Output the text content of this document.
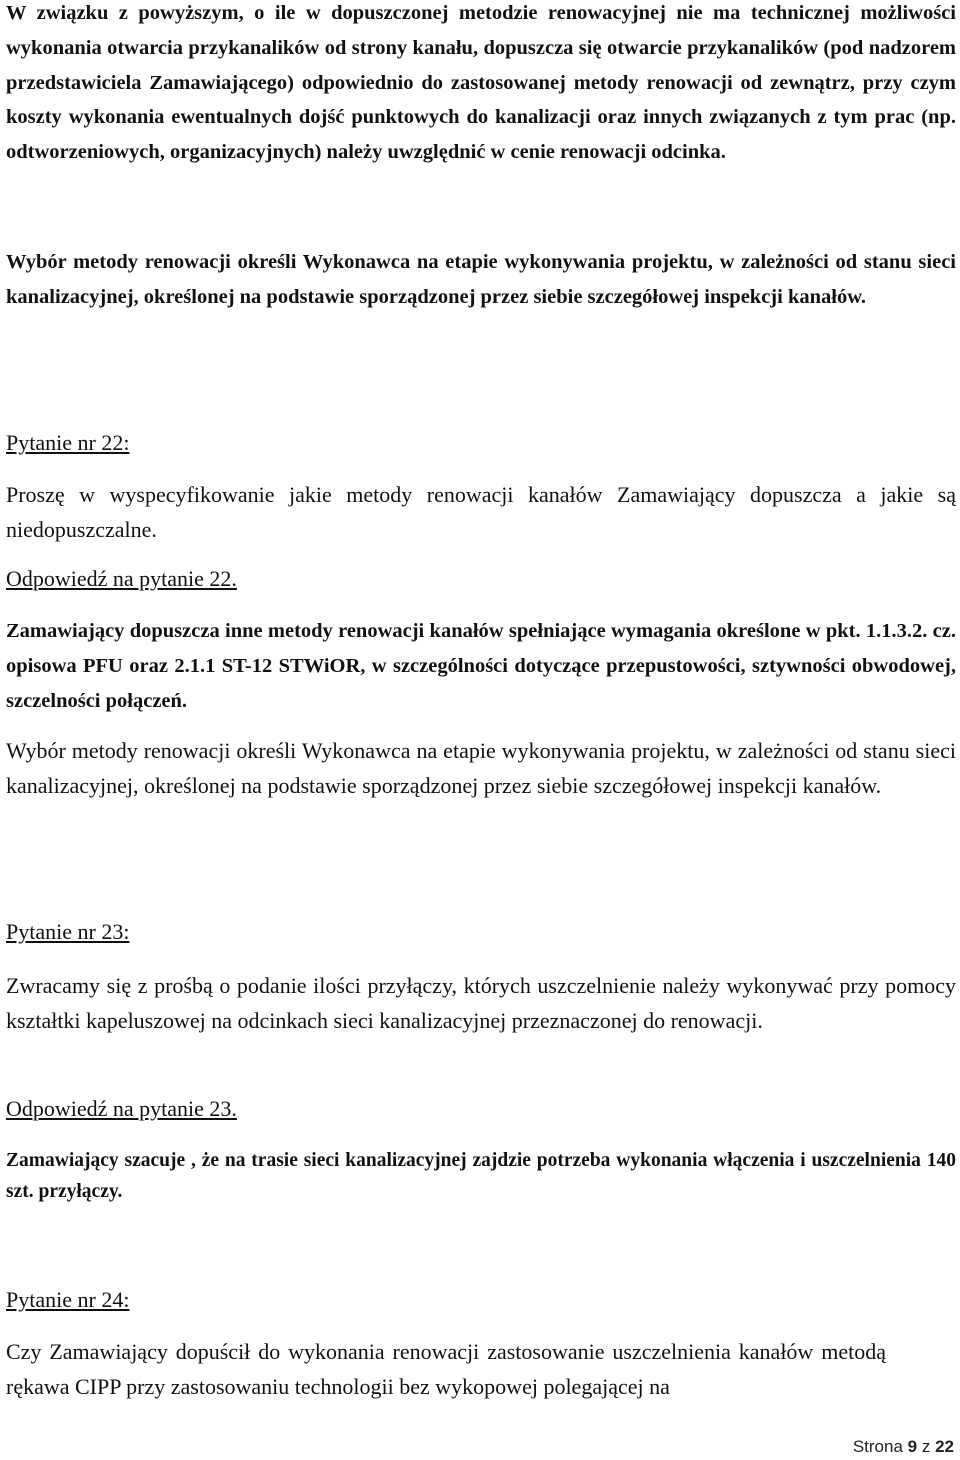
W związku z powyższym, o ile w dopuszczonej metodzie renowacyjnej nie ma technicznej możliwości wykonania otwarcia przykanalików od strony kanału, dopuszcza się otwarcie przykanalików (pod nadzorem przedstawiciela Zamawiającego) odpowiednio do zastosowanej metody renowacji od zewnątrz, przy czym koszty wykonania ewentualnych dojść punktowych do kanalizacji oraz innych związanych z tym prac (np. odtworzeniowych, organizacyjnych) należy uwzględnić w cenie renowacji odcinka.

Wybór metody renowacji określi Wykonawca na etapie wykonywania projektu, w zależności od stanu sieci kanalizacyjnej, określonej na podstawie sporządzonej przez siebie szczegółowej inspekcji kanałów.

Pytanie nr 22:

Proszę w wyspecyfikowanie jakie metody renowacji kanałów Zamawiający dopuszcza a jakie są niedopuszczalne.

Odpowiedź na pytanie 22.

Zamawiający dopuszcza inne metody renowacji kanałów spełniające wymagania określone w pkt. 1.1.3.2. cz. opisowa PFU oraz 2.1.1 ST-12 STWiOR, w szczególności dotyczące przepustowości, sztywności obwodowej, szczelności połączeń.

Wybór metody renowacji określi Wykonawca na etapie wykonywania projektu, w zależności od stanu sieci kanalizacyjnej, określonej na podstawie sporządzonej przez siebie szczegółowej inspekcji kanałów.

Pytanie nr 23:

Zwracamy się z prośbą o podanie ilości przyłączy, których uszczelnienie należy wykonywać przy pomocy kształtki kapeluszowej na odcinkach sieci kanalizacyjnej przeznaczonej do renowacji.

Odpowiedź na pytanie 23.

Zamawiający szacuje , że na trasie sieci kanalizacyjnej zajdzie potrzeba wykonania włączenia i uszczelnienia 140 szt. przyłączy.

Pytanie nr 24:

Czy Zamawiający dopuścił do wykonania renowacji zastosowanie uszczelnienia kanałów metodą rękawa CIPP przy zastosowaniu technologii bez wykopowej polegającej na

Strona 9 z 22
